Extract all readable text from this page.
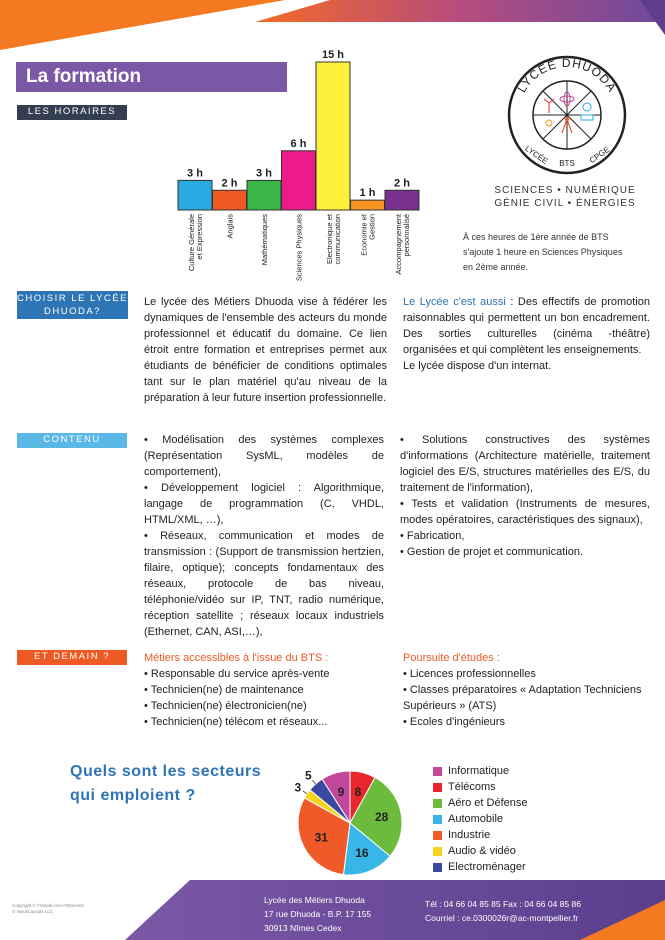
La formation
LES HORAIRES
3 h
Culture Générale et Expression
2 h
Anglais
3 h
Mathématiques
6 h
Sciences Physiques
15 h
Electronique et communication
1 h
Economie et Gestion
2 h
Accompagnement personnalisé
LYCÉE DHUODA
LYCÉE BTS CPGE
SCIENCES • NUMÉRIQUE
GÉNIE CIVIL • ÉNERGIES
À ces heures de 1ère année de BTS
s'ajoute 1 heure en Sciences Physiques
en 2ème année.
CHOISIR LE LYCÉE
DHUODA?
Le lycée des Métiers Dhuoda vise à fédérer les dynamiques de l'ensemble des acteurs du monde professionnel et éducatif du domaine. Ce lien étroit entre formation et entreprises permet aux étudiants de bénéficier de conditions optimales tant sur le plan matériel qu'au niveau de la préparation à leur future insertion professionnelle.
Le Lycée c'est aussi : Des effectifs de promotion raisonnables qui permettent un bon encadrement. Des sorties culturelles (cinéma -théâtre) organisées et qui complètent les enseignements.
Le lycée dispose d'un internat.
CONTENU	• Modélisation des systèmes complexes (Représentation SysML, modèles de comportement),

• Développement logiciel : Algorithmique, langage de programmation (C, VHDL, HTML/XML, …),

• Réseaux, communication et modes de transmission : (Support de transmission hertzien, filaire, optique); concepts fondamentaux des réseaux, protocole de bas niveau, téléphonie/vidéo sur IP, TNT, radio numérique, réception satellite ; réseaux locaux industriels (Ethernet, CAN, ASI,…),

• Solutions constructives des systèmes d'informations (Architecture matérielle, traitement logiciel des E/S, structures matérielles des E/S, du traitement de l'information),

• Tests et validation (Instruments de mesures, modes opératoires, caractéristiques des signaux),

• Fabrication,

• Gestion de projet et communication.

ET DEMAIN ?	Métiers accessibles à l'issue du BTS :

• Responsable du service après-vente

• Technicien(ne) de maintenance

• Technicien(ne) électronicien(ne)

• Technicien(ne) télécom et réseaux...

Poursuite d'études :

• Licences professionnelles

• Classes préparatoires « Adaptation Techniciens Supérieurs » (ATS)

• Ecoles d'ingénieurs

Quels sont les secteurs
qui emploient ?	9 8
28
16
31
3
5	Informatique
Télécoms
Aéro et Défense
Automobile
Industrie
Audio & vidéo
Electroménager
Copyright © Freepik.com /#25umi01
© StockLayouts LLC
Lycée des Métiers Dhuoda
17 rue Dhuoda - B.P. 17 155
30913 Nîmes Cedex
Tél : 04 66 04 85 85 Fax : 04 66 04 85 86
Courriel : ce.0300026r@ac-montpellier.fr
